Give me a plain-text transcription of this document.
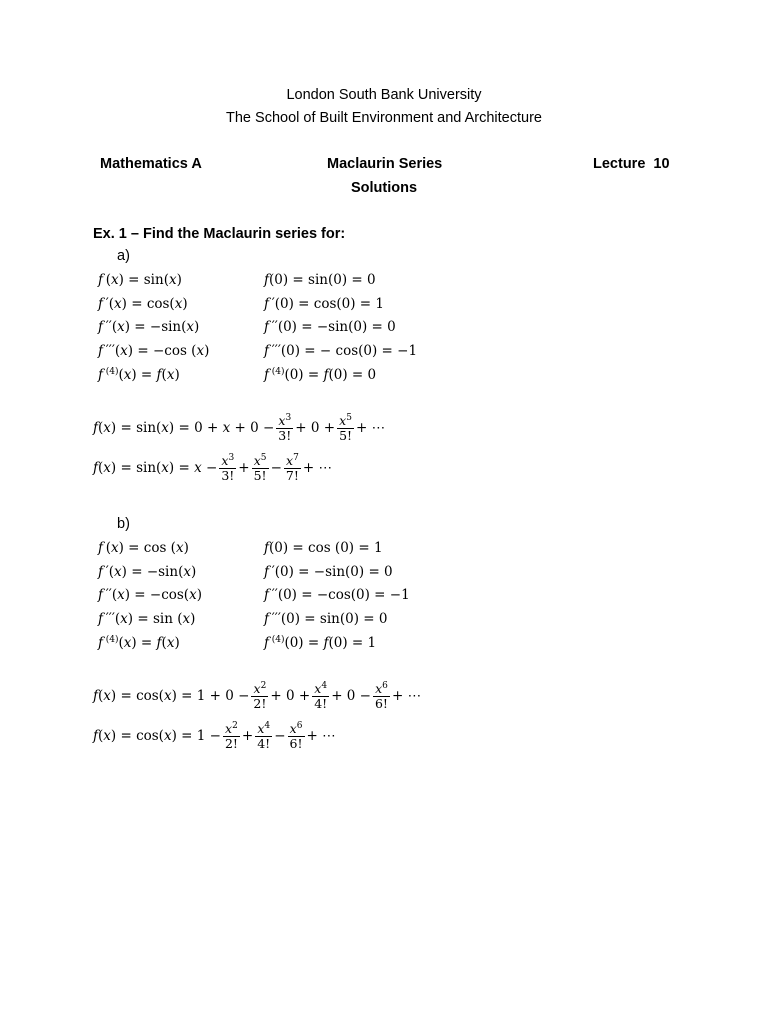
London South Bank University
The School of Built Environment and Architecture
Mathematics A	Maclaurin Series	Lecture  10
Solutions
Ex. 1 – Find the Maclaurin series for:
a)
f (x) = sin(x)
f ′(x) = cos(x)
f ′′(x) = −sin(x)
f ′′′(x) = −cos (x)
f  $^{(4)}$(x) = f(x)
f(0) = sin(0) = 0
f ′(0) = cos(0) = 1
f ′′(0) = −sin(0) = 0
f ′′′(0) = − cos(0) = −1
f  $^{(4)}$(0) = f(0) = 0
$f(x) = \sin(x) = 0 + x + 0 - \frac{x^3}{3!} + 0 + \frac{x^5}{5!}$ + ⋯
$f(x) = \sin(x) = x - \frac{x^3}{3!} + \frac{x^5}{5!} - \frac{x^7}{7!}$ + ⋯
b)
f (x) = cos (x)
f ′(x) = −sin(x)
f ′′(x) = −cos(x)
f ′′′(x) = sin (x)
f  $^{(4)}$(x) = f(x)
f(0) = cos (0) = 1
f ′(0) = −sin(0) = 0
f ′′(0) = −cos(0) = −1
f ′′′(0) = sin(0) = 0
f  $^{(4)}$(0) = f(0) = 1
$f(x) = \cos(x) = 1 + 0 - \frac{x^2}{2!} + 0 + \frac{x^4}{4!} + 0 - \frac{x^6}{6!}$ + ⋯
$f(x) = \cos(x) = 1 - \frac{x^2}{2!} + \frac{x^4}{4!} - \frac{x^6}{6!}$ + ⋯
